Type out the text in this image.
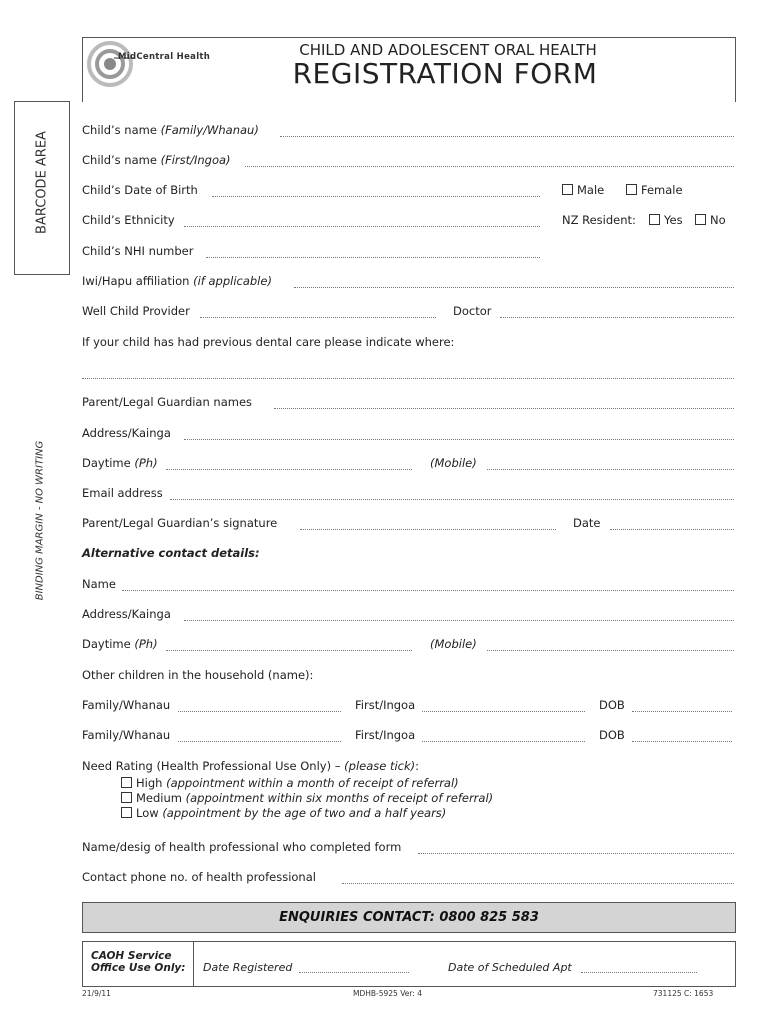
MidCentral Health	CHILD AND ADOLESCENT ORAL HEALTH
REGISTRATION FORM
BARCODE AREA
BINDING MARGIN - NO WRITING
Child’s name (Family/Whanau)
Child’s name (First/Ingoa)
Child’s Date of Birth	Male	Female
Child’s Ethnicity	NZ Resident:	Yes	No
Child’s NHI number
Iwi/Hapu affiliation (if applicable)
Well Child Provider	Doctor
If your child has had previous dental care please indicate where:
Parent/Legal Guardian names
Address/Kainga
Daytime (Ph)	(Mobile)
Email address
Parent/Legal Guardian’s signature	Date
Alternative contact details:
Name
Address/Kainga
Daytime (Ph)	(Mobile)
Other children in the household (name):
Family/Whanau	First/Ingoa	DOB
Family/Whanau	First/Ingoa	DOB
Need Rating (Health Professional Use Only) – (please tick):
High (appointment within a month of receipt of referral)
Medium (appointment within six months of receipt of referral)
Low (appointment by the age of two and a half years)
Name/desig of health professional who completed form
Contact phone no. of health professional
ENQUIRIES CONTACT: 0800 825 583
CAOH Service
Office Use Only: Date Registered	Date of Scheduled Apt
21/9/11	MDHB-5925 Ver: 4	731125 C: 1653
